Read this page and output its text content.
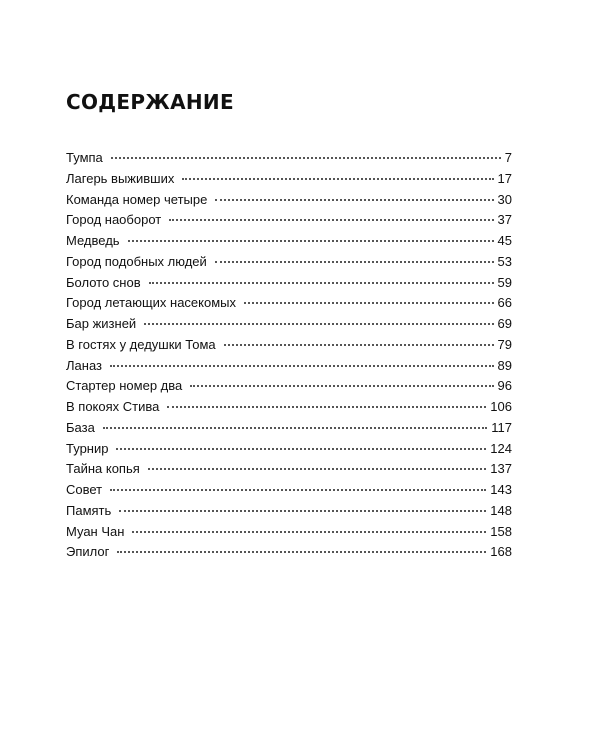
СОДЕРЖАНИЕ
Тумпа	7
Лагерь выживших	17
Команда номер четыре	30
Город наоборот	37
Медведь	45
Город подобных людей	53
Болото снов	59
Город летающих насекомых	66
Бар жизней	69
В гостях у дедушки Тома	79
Ланаз	89
Стартер номер два	96
В покоях Стива	106
База	117
Турнир	124
Тайна копья	137
Совет	143
Память	148
Муан Чан	158
Эпилог	168
